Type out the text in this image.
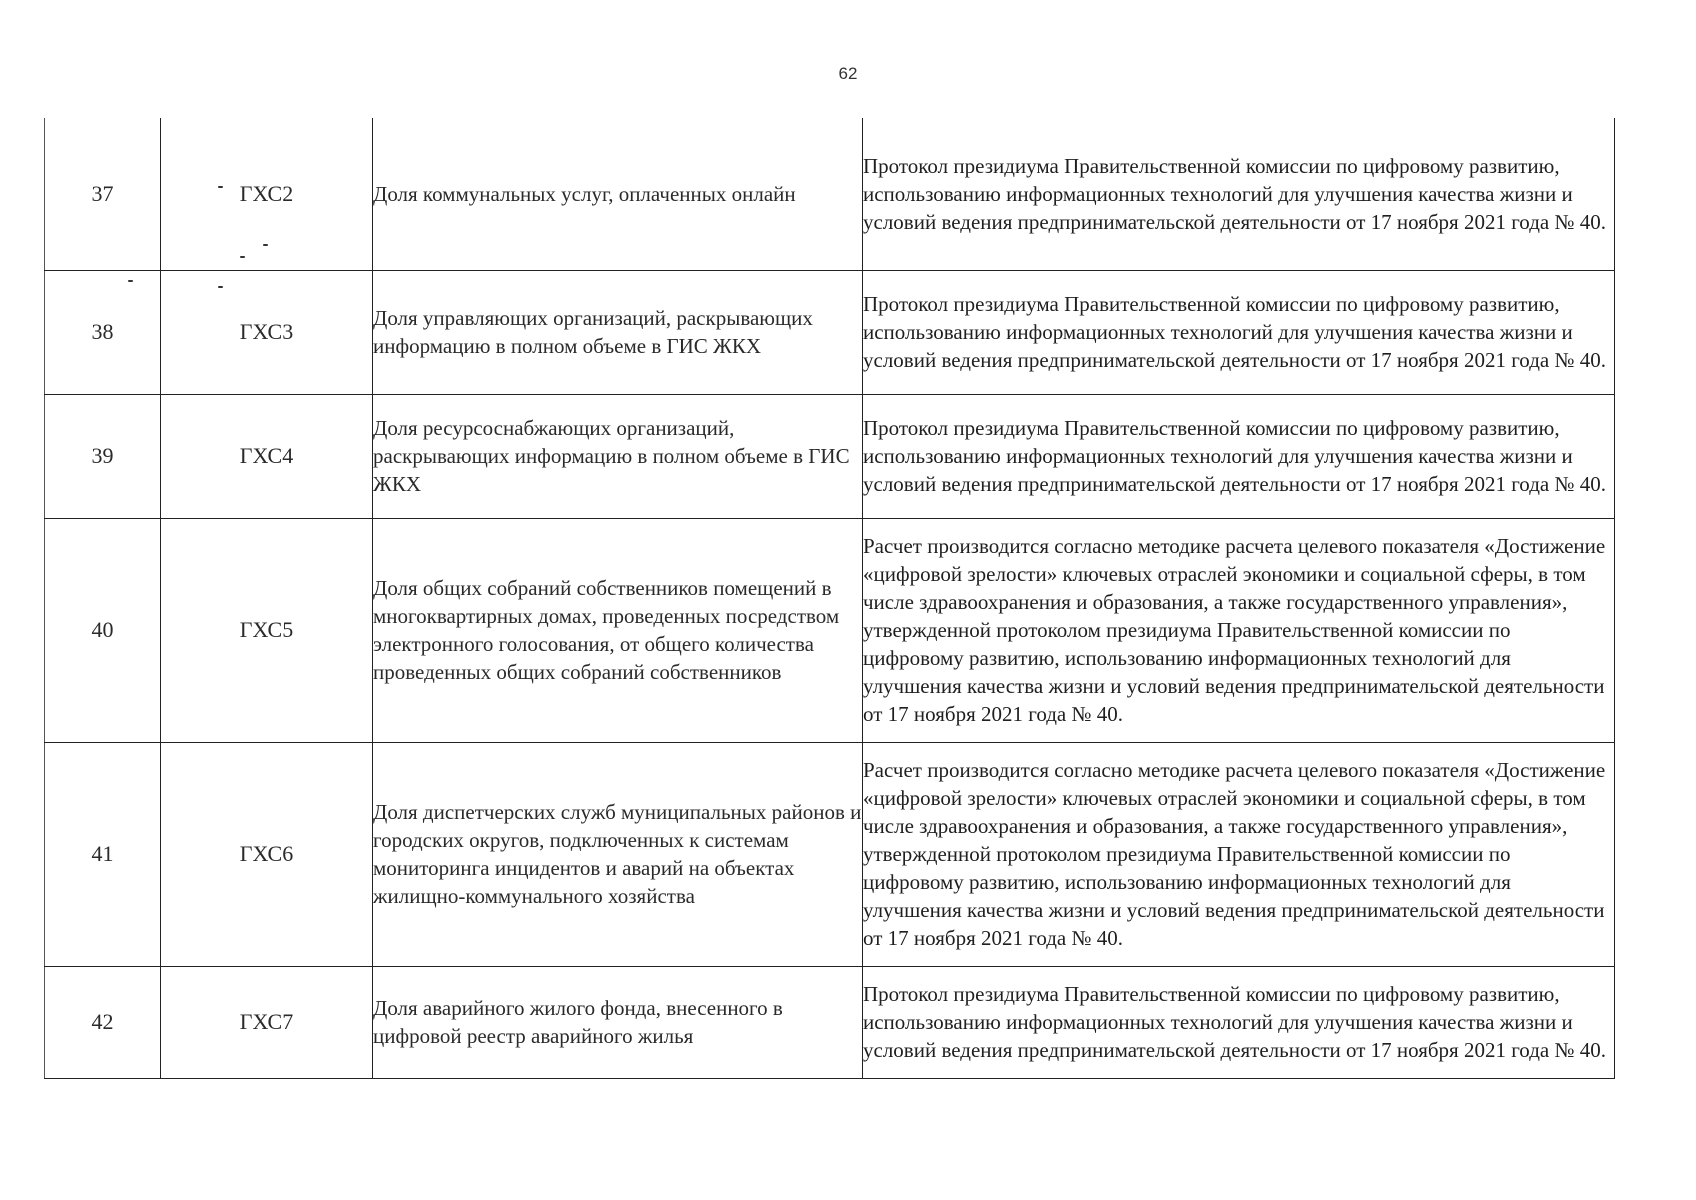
62
37	ГХС2	Доля коммунальных услуг, оплаченных онлайн	Протокол президиума Правительственной комиссии по цифровому развитию, использованию информационных технологий для улучшения качества жизни и условий ведения предпринимательской деятельности от 17 ноября 2021 года № 40.
38	ГХС3	Доля управляющих организаций, раскрывающих информацию в полном объеме в ГИС ЖКХ	Протокол президиума Правительственной комиссии по цифровому развитию, использованию информационных технологий для улучшения качества жизни и условий ведения предпринимательской деятельности от 17 ноября 2021 года № 40.
39	ГХС4	Доля ресурсоснабжающих организаций, раскрывающих информацию в полном объеме в ГИС ЖКХ	Протокол президиума Правительственной комиссии по цифровому развитию, использованию информационных технологий для улучшения качества жизни и условий ведения предпринимательской деятельности от 17 ноября 2021 года № 40.
40	ГХС5	Доля общих собраний собственников помещений в многоквартирных домах, проведенных посредством электронного голосования, от общего количества проведенных общих собраний собственников	Расчет производится согласно методике расчета целевого показателя «Достижение «цифровой зрелости» ключевых отраслей экономики и социальной сферы, в том числе здравоохранения и образования, а также государственного управления», утвержденной протоколом президиума Правительственной комиссии по цифровому развитию, использованию информационных технологий для улучшения качества жизни и условий ведения предпринимательской деятельности от 17 ноября 2021 года № 40.
41	ГХС6	Доля диспетчерских служб муниципальных районов и городских округов, подключенных к системам мониторинга инцидентов и аварий на объектах жилищно-коммунального хозяйства	Расчет производится согласно методике расчета целевого показателя «Достижение «цифровой зрелости» ключевых отраслей экономики и социальной сферы, в том числе здравоохранения и образования, а также государственного управления», утвержденной протоколом президиума Правительственной комиссии по цифровому развитию, использованию информационных технологий для улучшения качества жизни и условий ведения предпринимательской деятельности от 17 ноября 2021 года № 40.
42	ГХС7	Доля аварийного жилого фонда, внесенного в цифровой реестр аварийного жилья	Протокол президиума Правительственной комиссии по цифровому развитию, использованию информационных технологий для улучшения качества жизни и условий ведения предпринимательской деятельности от 17 ноября 2021 года № 40.
